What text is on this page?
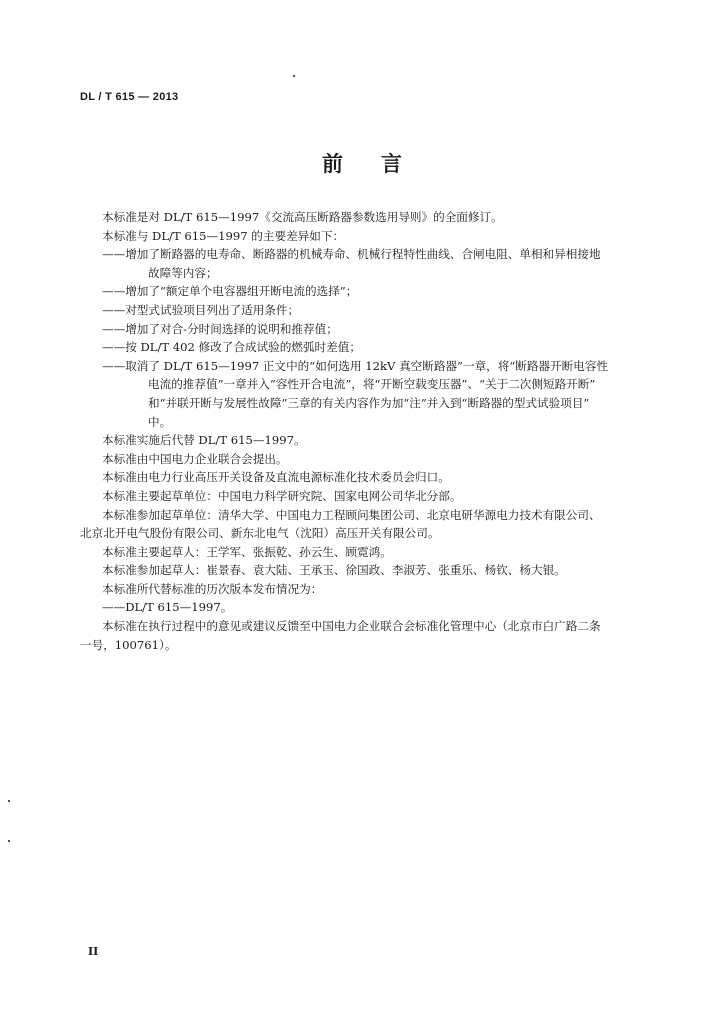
DL / T 615 — 2013
前言
本标准是对 DL/T 615—1997《交流高压断路器参数选用导则》的全面修订。
本标准与 DL/T 615—1997 的主要差异如下：
——增加了断路器的电寿命、断路器的机械寿命、机械行程特性曲线、合闸电阻、单相和异相接地
故障等内容；
——增加了“额定单个电容器组开断电流的选择”；
——对型式试验项目列出了适用条件；
——增加了对合-分时间选择的说明和推荐值；
——按 DL/T 402 修改了合成试验的燃弧时差值；
——取消了 DL/T 615—1997 正文中的“如何选用 12kV 真空断路器”一章，将“断路器开断电容性
电流的推荐值”一章并入“容性开合电流”，将“开断空载变压器”、“关于二次侧短路开断”
和“并联开断与发展性故障”三章的有关内容作为加“注”并入到“断路器的型式试验项目”
中。
本标准实施后代替 DL/T 615—1997。
本标准由中国电力企业联合会提出。
本标准由电力行业高压开关设备及直流电源标准化技术委员会归口。
本标准主要起草单位：中国电力科学研究院、国家电网公司华北分部。
本标准参加起草单位：清华大学、中国电力工程顾问集团公司、北京电研华源电力技术有限公司、
北京北开电气股份有限公司、新东北电气（沈阳）高压开关有限公司。
本标准主要起草人：王学军、张振乾、孙云生、顾霓鸿。
本标准参加起草人：崔景春、袁大陆、王承玉、徐国政、李淑芳、张重乐、杨钦、杨大银。
本标准所代替标准的历次版本发布情况为：
——DL/T 615—1997。
本标准在执行过程中的意见或建议反馈至中国电力企业联合会标准化管理中心（北京市白广路二条
一号，100761）。
II
